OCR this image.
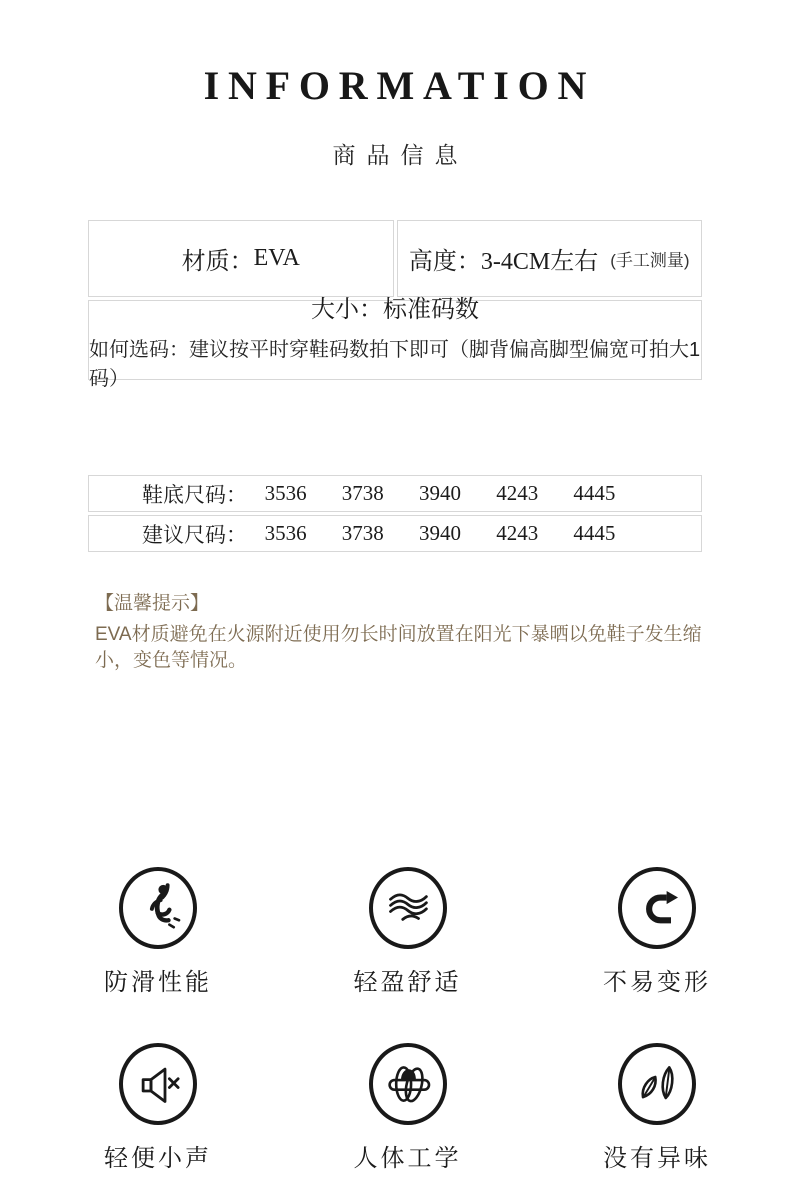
INFORMATION
商品信息
材质： EVA	高度： 3-4CM左右 (手工测量)
大小：标准码数
如何选码：建议按平时穿鞋码数拍下即可（脚背偏高脚型偏宽可拍大1码）
鞋底尺码： 3536	3738	3940	4243	4445
建议尺码： 3536	3738	3940	4243	4445
【温馨提示】
EVA材质避免在火源附近使用勿长时间放置在阳光下暴晒以免鞋子发生缩小，变色等情况。
防滑性能	轻盈舒适	不易变形
轻便小声	人体工学	没有异味
